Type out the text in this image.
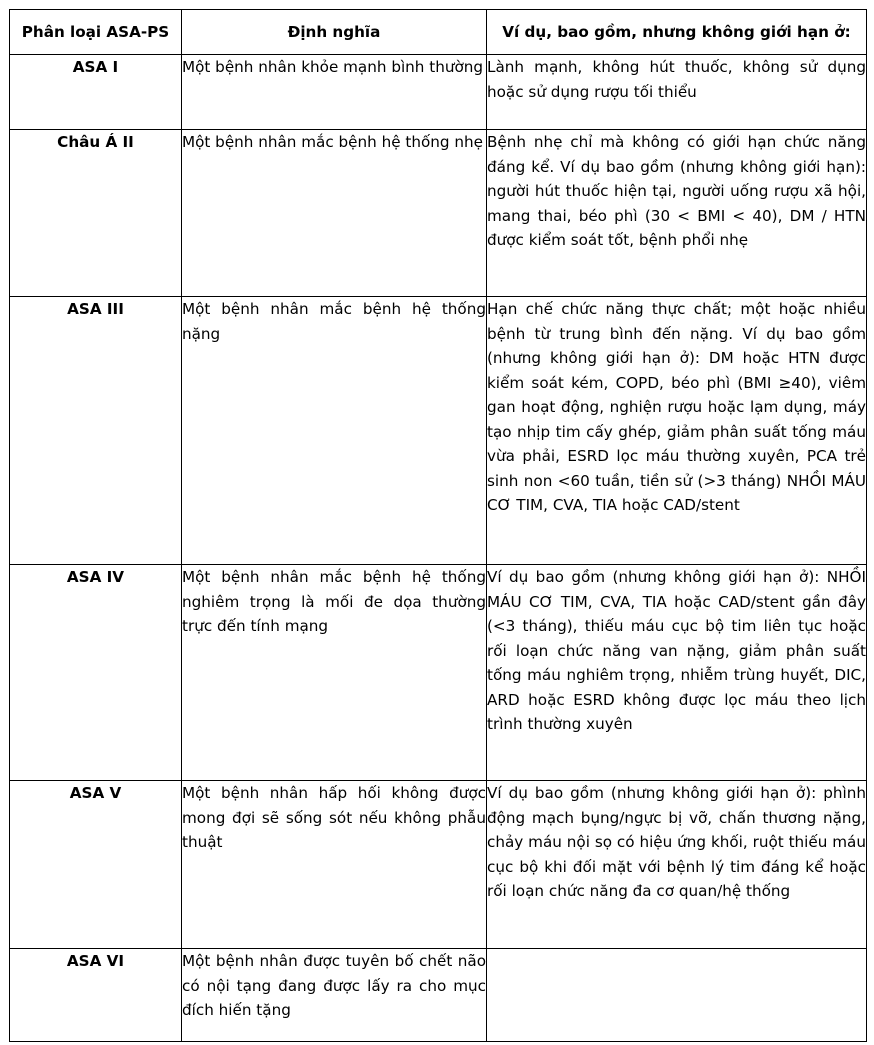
Phân loại ASA-PS	Định nghĩa	Ví dụ, bao gồm, nhưng không giới hạn ở:
ASA I	Một bệnh nhân khỏe mạnh bình thường	Lành mạnh, không hút thuốc, không sử dụng hoặc sử dụng rượu tối thiểu

Châu Á II	Một bệnh nhân mắc bệnh hệ thống nhẹ	Bệnh nhẹ chỉ mà không có giới hạn chức năng đáng kể. Ví dụ bao gồm (nhưng không giới hạn): người hút thuốc hiện tại, người uống rượu xã hội, mang thai, béo phì (30 < BMI < 40), DM / HTN được kiểm soát tốt, bệnh phổi nhẹ

ASA III	Một bệnh nhân mắc bệnh hệ thống nặng	Hạn chế chức năng thực chất; một hoặc nhiều bệnh từ trung bình đến nặng. Ví dụ bao gồm (nhưng không giới hạn ở): DM hoặc HTN được kiểm soát kém, COPD, béo phì (BMI ≥40), viêm gan hoạt động, nghiện rượu hoặc lạm dụng, máy tạo nhịp tim cấy ghép, giảm phân suất tống máu vừa phải, ESRD lọc máu thường xuyên, PCA trẻ sinh non <60 tuần, tiền sử (>3 tháng) NHỒI MÁU CƠ TIM, CVA, TIA hoặc CAD/stent

ASA IV	Một bệnh nhân mắc bệnh hệ thống nghiêm trọng là mối đe dọa thường trực đến tính mạng	Ví dụ bao gồm (nhưng không giới hạn ở): NHỒI MÁU CƠ TIM, CVA, TIA hoặc CAD/stent gần đây (<3 tháng), thiếu máu cục bộ tim liên tục hoặc rối loạn chức năng van nặng, giảm phân suất tống máu nghiêm trọng, nhiễm trùng huyết, DIC, ARD hoặc ESRD không được lọc máu theo lịch trình thường xuyên

ASA V	Một bệnh nhân hấp hối không được mong đợi sẽ sống sót nếu không phẫu thuật	Ví dụ bao gồm (nhưng không giới hạn ở): phình động mạch bụng/ngực bị vỡ, chấn thương nặng, chảy máu nội sọ có hiệu ứng khối, ruột thiếu máu cục bộ khi đối mặt với bệnh lý tim đáng kể hoặc rối loạn chức năng đa cơ quan/hệ thống

ASA VI	Một bệnh nhân được tuyên bố chết não có nội tạng đang được lấy ra cho mục đích hiến tặng	
